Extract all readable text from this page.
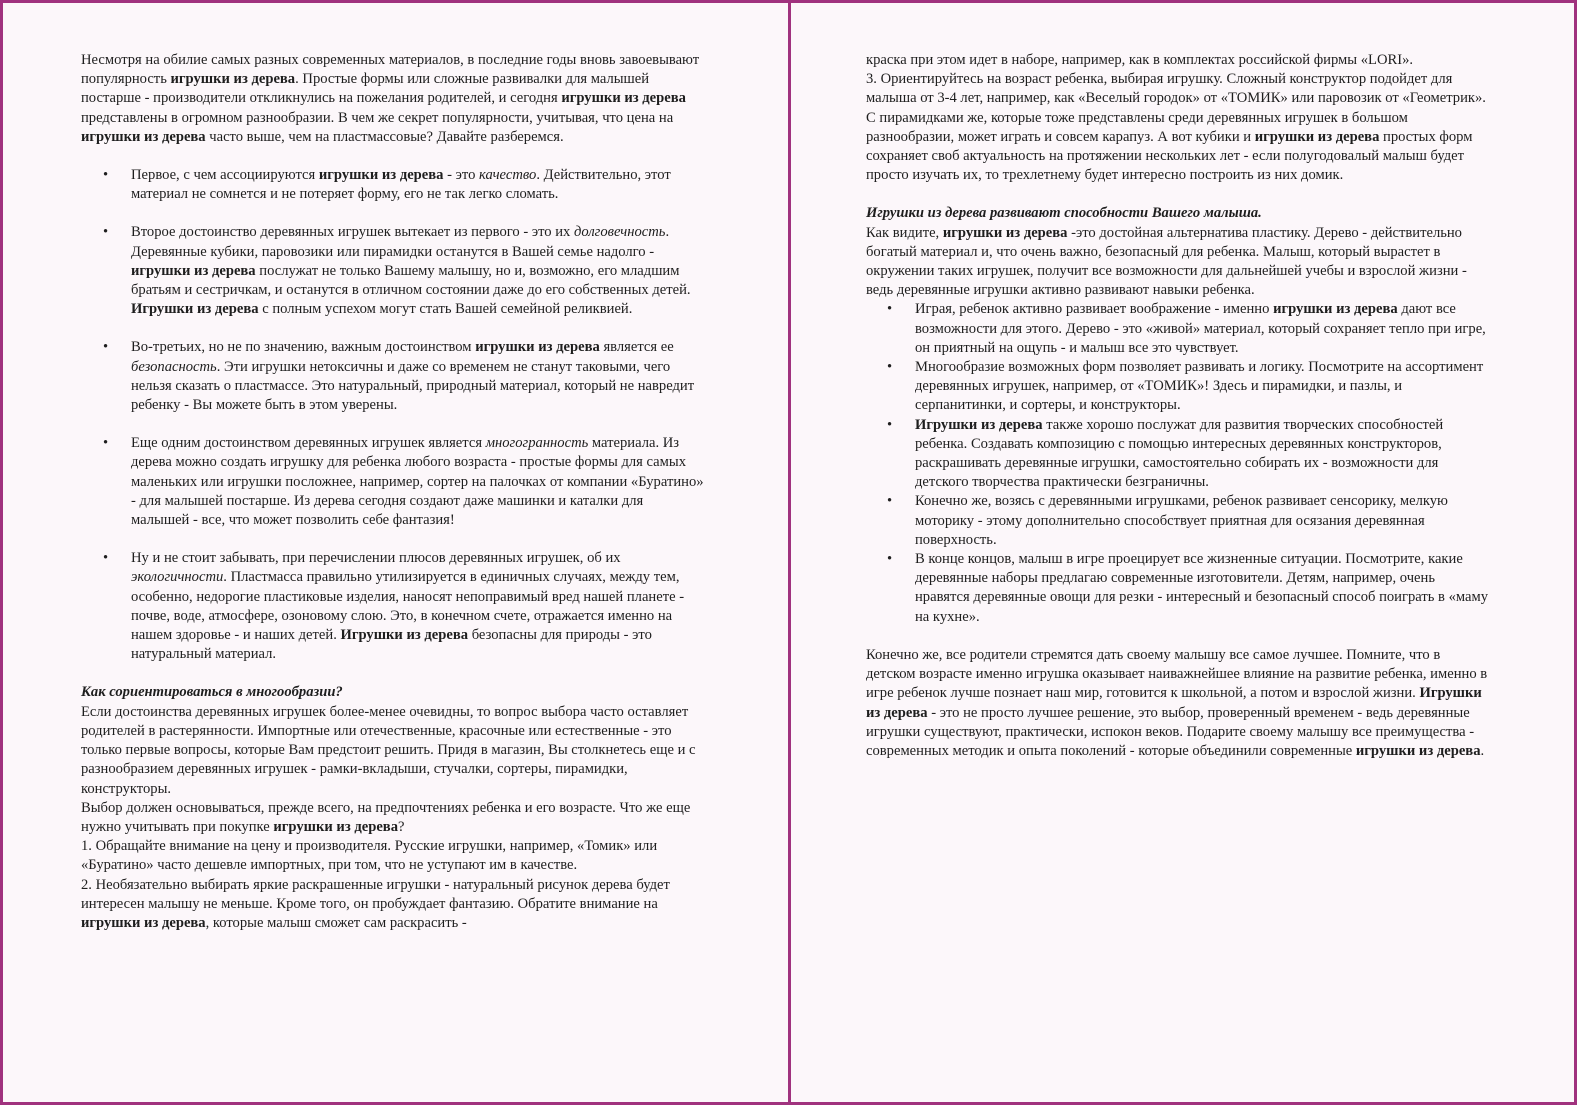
Несмотря на обилие самых разных современных материалов, в последние годы вновь завоевывают популярность игрушки из дерева. Простые формы или сложные развивалки для малышей постарше - производители откликнулись на пожелания родителей, и сегодня игрушки из дерева представлены в огромном разнообразии. В чем же секрет популярности, учитывая, что цена на игрушки из дерева часто выше, чем на пластмассовые? Давайте разберемся.

• Первое, с чем ассоциируются игрушки из дерева - это качество. Действительно, этот материал не сомнется и не потеряет форму, его не так легко сломать.
• Второе достоинство деревянных игрушек вытекает из первого - это их долговечность. Деревянные кубики, паровозики или пирамидки останутся в Вашей семье надолго - игрушки из дерева послужат не только Вашему малышу, но и, возможно, его младшим братьям и сестричкам, и останутся в отличном состоянии даже до его собственных детей. Игрушки из дерева с полным успехом могут стать Вашей семейной реликвией.
• Во-третьих, но не по значению, важным достоинством игрушки из дерева является ее безопасность. Эти игрушки нетоксичны и даже со временем не станут таковыми, чего нельзя сказать о пластмассе. Это натуральный, природный материал, который не навредит ребенку - Вы можете быть в этом уверены.
• Еще одним достоинством деревянных игрушек является многогранность материала. Из дерева можно создать игрушку для ребенка любого возраста - простые формы для самых маленьких или игрушки посложнее, например, сортер на палочках от компании «Буратино» - для малышей постарше. Из дерева сегодня создают даже машинки и каталки для малышей - все, что может позволить себе фантазия!
• Ну и не стоит забывать, при перечислении плюсов деревянных игрушек, об их экологичности. Пластмасса правильно утилизируется в единичных случаях, между тем, особенно, недорогие пластиковые изделия, наносят непоправимый вред нашей планете - почве, воде, атмосфере, озоновому слою. Это, в конечном счете, отражается именно на нашем здоровье - и наших детей. Игрушки из дерева безопасны для природы - это натуральный материал.

Как сориентироваться в многообразии?

Если достоинства деревянных игрушек более-менее очевидны, то вопрос выбора часто оставляет родителей в растерянности. Импортные или отечественные, красочные или естественные - это только первые вопросы, которые Вам предстоит решить. Придя в магазин, Вы столкнетесь еще и с разнообразием деревянных игрушек - рамки-вкладыши, стучалки, сортеры, пирамидки, конструкторы.

Выбор должен основываться, прежде всего, на предпочтениях ребенка и его возрасте. Что же еще нужно учитывать при покупке игрушки из дерева?

1. Обращайте внимание на цену и производителя. Русские игрушки, например, «Томик» или «Буратино» часто дешевле импортных, при том, что не уступают им в качестве.

2. Необязательно выбирать яркие раскрашенные игрушки - натуральный рисунок дерева будет интересен малышу не меньше. Кроме того, он пробуждает фантазию. Обратите внимание на игрушки из дерева, которые малыш сможет сам раскрасить -

краска при этом идет в наборе, например, как в комплектах российской фирмы «LORI».

3. Ориентируйтесь на возраст ребенка, выбирая игрушку. Сложный конструктор подойдет для малыша от 3-4 лет, например, как «Веселый городок» от «ТОМИК» или паровозик от «Геометрик». С пирамидками же, которые тоже представлены среди деревянных игрушек в большом разнообразии, может играть и совсем карапуз. А вот кубики и игрушки из дерева простых форм сохраняет своб актуальность на протяжении нескольких лет - если полугодовалый малыш будет просто изучать их, то трехлетнему будет интересно построить из них домик.

Игрушки из дерева развивают способности Вашего малыша.

Как видите, игрушки из дерева -это достойная альтернатива пластику. Дерево - действительно богатый материал и, что очень важно, безопасный для ребенка. Малыш, который вырастет в окружении таких игрушек, получит все возможности для дальнейшей учебы и взрослой жизни - ведь деревянные игрушки активно развивают навыки ребенка.

• Играя, ребенок активно развивает воображение - именно игрушки из дерева дают все возможности для этого. Дерево - это «живой» материал, который сохраняет тепло при игре, он приятный на ощупь - и малыш все это чувствует.
• Многообразие возможных форм позволяет развивать и логику. Посмотрите на ассортимент деревянных игрушек, например, от «ТОМИК»! Здесь и пирамидки, и пазлы, и серпанитинки, и сортеры, и конструкторы.
• Игрушки из дерева также хорошо послужат для развития творческих способностей ребенка. Создавать композицию с помощью интересных деревянных конструкторов, раскрашивать деревянные игрушки, самостоятельно собирать их - возможности для детского творчества практически безграничны.
• Конечно же, возясь с деревянными игрушками, ребенок развивает сенсорику, мелкую моторику - этому дополнительно способствует приятная для осязания деревянная поверхность.
• В конце концов, малыш в игре проецирует все жизненные ситуации. Посмотрите, какие деревянные наборы предлагаю современные изготовители. Детям, например, очень нравятся деревянные овощи для резки - интересный и безопасный способ поиграть в «маму на кухне».

Конечно же, все родители стремятся дать своему малышу все самое лучшее. Помните, что в детском возрасте именно игрушка оказывает наиважнейшее влияние на развитие ребенка, именно в игре ребенок лучше познает наш мир, готовится к школьной, а потом и взрослой жизни. Игрушки из дерева - это не просто лучшее решение, это выбор, проверенный временем - ведь деревянные игрушки существуют, практически, испокон веков. Подарите своему малышу все преимущества - современных методик и опыта поколений - которые объединили современные игрушки из дерева.
